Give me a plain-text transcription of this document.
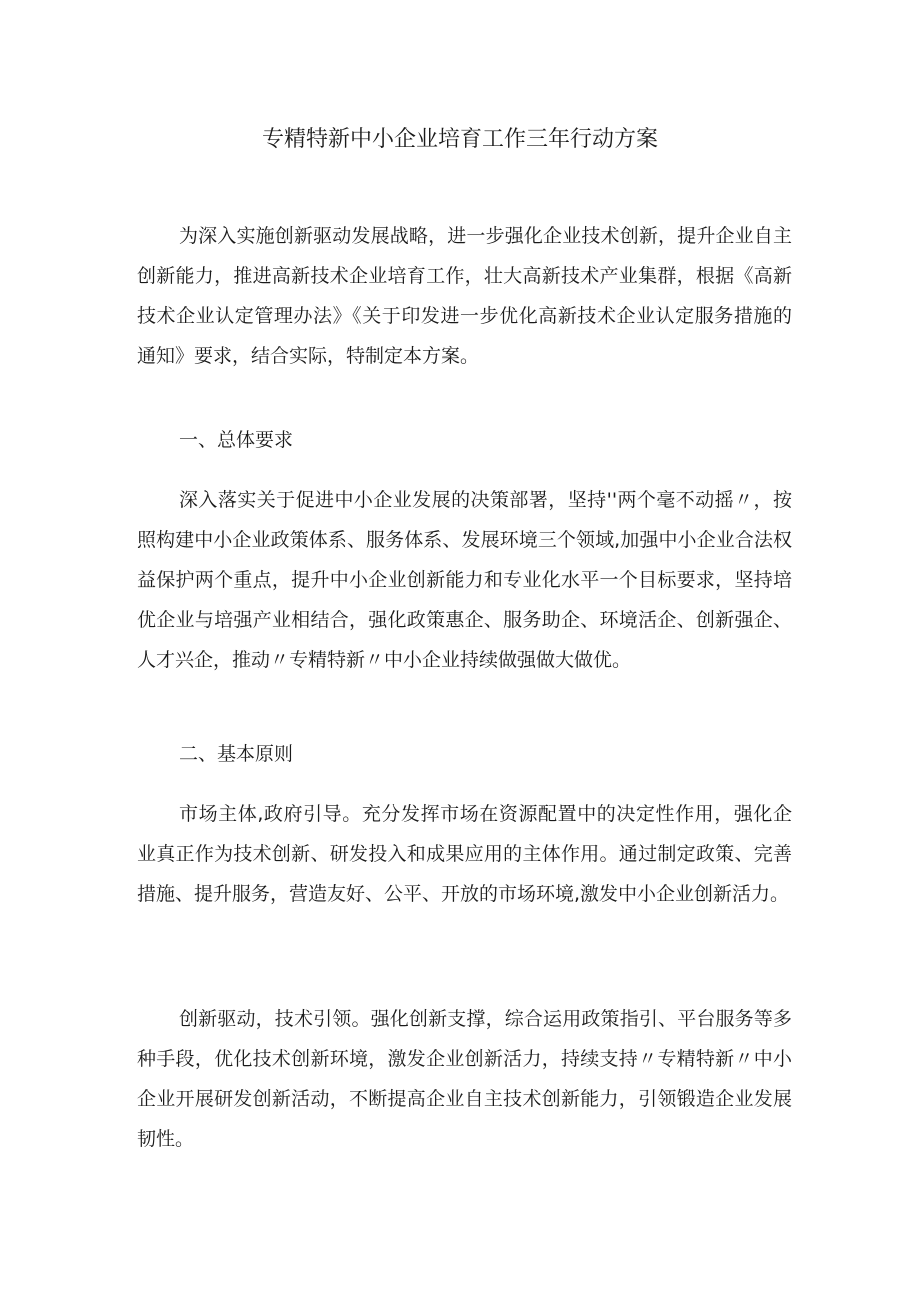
专精特新中小企业培育工作三年行动方案

为深入实施创新驱动发展战略，进一步强化企业技术创新，提升企业自主创新能力，推进高新技术企业培育工作，壮大高新技术产业集群，根据《高新技术企业认定管理办法》《关于印发进一步优化高新技术企业认定服务措施的通知》要求，结合实际，特制定本方案。

一、总体要求

深入落实关于促进中小企业发展的决策部署，坚持''两个毫不动摇〃，按照构建中小企业政策体系、服务体系、发展环境三个领域,加强中小企业合法权益保护两个重点，提升中小企业创新能力和专业化水平一个目标要求，坚持培优企业与培强产业相结合，强化政策惠企、服务助企、环境活企、创新强企、人才兴企，推动〃专精特新〃中小企业持续做强做大做优。

二、基本原则

市场主体,政府引导。充分发挥市场在资源配置中的决定性作用，强化企业真正作为技术创新、研发投入和成果应用的主体作用。通过制定政策、完善措施、提升服务，营造友好、公平、开放的市场环境,激发中小企业创新活力。

创新驱动，技术引领。强化创新支撑，综合运用政策指引、平台服务等多种手段，优化技术创新环境，激发企业创新活力，持续支持〃专精特新〃中小企业开展研发创新活动，不断提高企业自主技术创新能力，引领锻造企业发展韧性。
